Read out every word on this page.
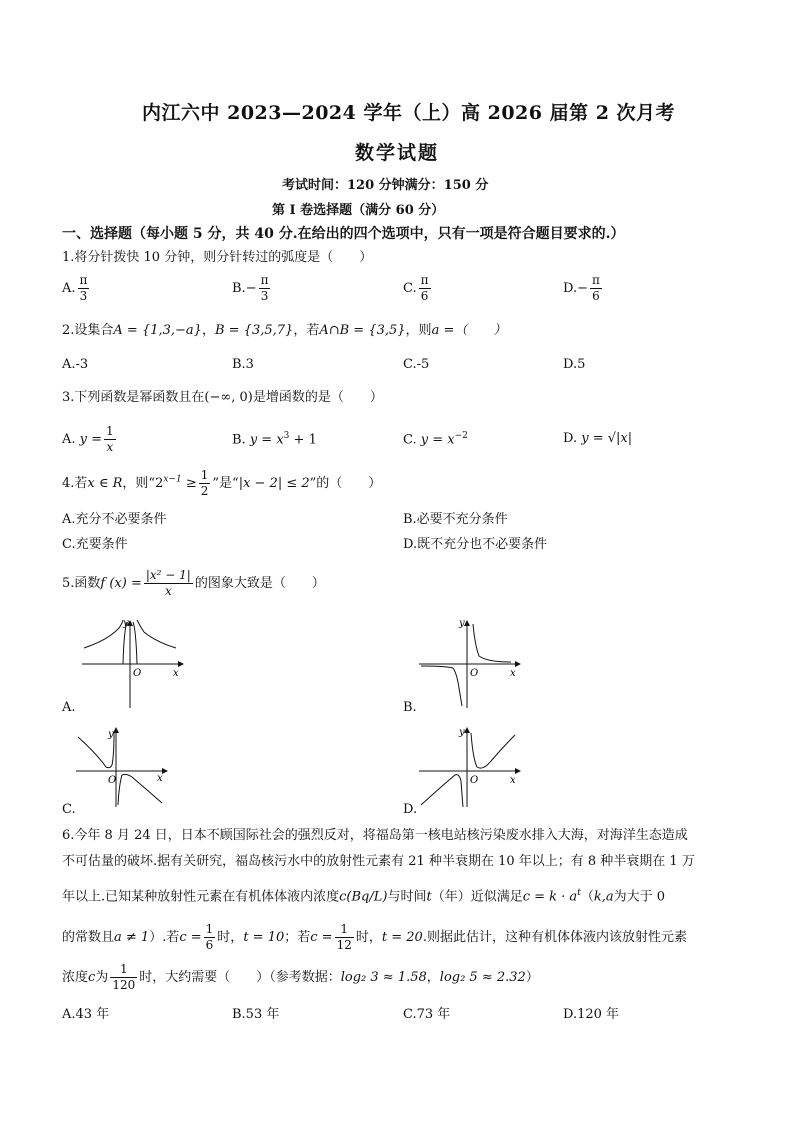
内江六中 2023—2024 学年（上）高 2026 届第 2 次月考
数学试题
考试时间：120 分钟满分：150 分
第 I 卷选择题（满分 60 分）
一、选择题（每小题 5 分，共 40 分.在给出的四个选项中，只有一项是符合题目要求的.）
1.将分针拨快 10 分钟，则分针转过的弧度是（　　）
A. $\frac{\pi}{3}$	$B.- \frac{\pi}{3}$	C. $\frac{\pi}{6}$	$D.- \frac{\pi}{6}$
2.设集合A = {1,3,−a}，B = {3,5,7}，若A∩B = {3,5}，则a =（　　）
A.-3	B.3	C.-5	D.5
3.下列函数是幂函数且在(−∞, 0)是增函数的是（　　）
A. $y = \frac{1}{x}$	B. $y = x^3 + 1$	C. $y = x^{-2}$	D. y = √|x|
4.若x ∈ R，则“$2^{x-1} \ge \frac{1}{2}$ ”是“|x − 2| ≤ 2”的（　　）
A.充分不必要条件	B.必要不充分条件
C.充要条件	D.既不充分也不必要条件
5.函数f $(x) = \frac{\text{|x² − 1|}}{x}$ 的图象大致是（　　）
y
O	x
A.
y
O	x
B.
y
O	x
C.
y
O	x
D.
6.今年 8 月 24 日，日本不顾国际社会的强烈反对，将福岛第一核电站核污染废水排入大海，对海洋生态造成
不可估量的破坏.据有关研究，福岛核污水中的放射性元素有 21 种半衰期在 10 年以上；有 8 种半衰期在 1 万
年以上.已知某种放射性元素在有机体体液内浓度c(Bq/L)与时间t（年）近似满足$c = k \cdot a^t(k,a$为大于 0
的常数且a ≠ 1）.若$c = \frac{1}{6}$ 时，t = 10；若$c = \frac{1}{12}$ 时，t = 20.则据此估计，这种有机体体液内该放射性元素
浓度c为 $\frac{1}{120}$ 时，大约需要（　　）（参考数据：log₂ 3 ≈ 1.58，log₂ 5 ≈ 2.32）
A.43 年	B.53 年	C.73 年	D.120 年
